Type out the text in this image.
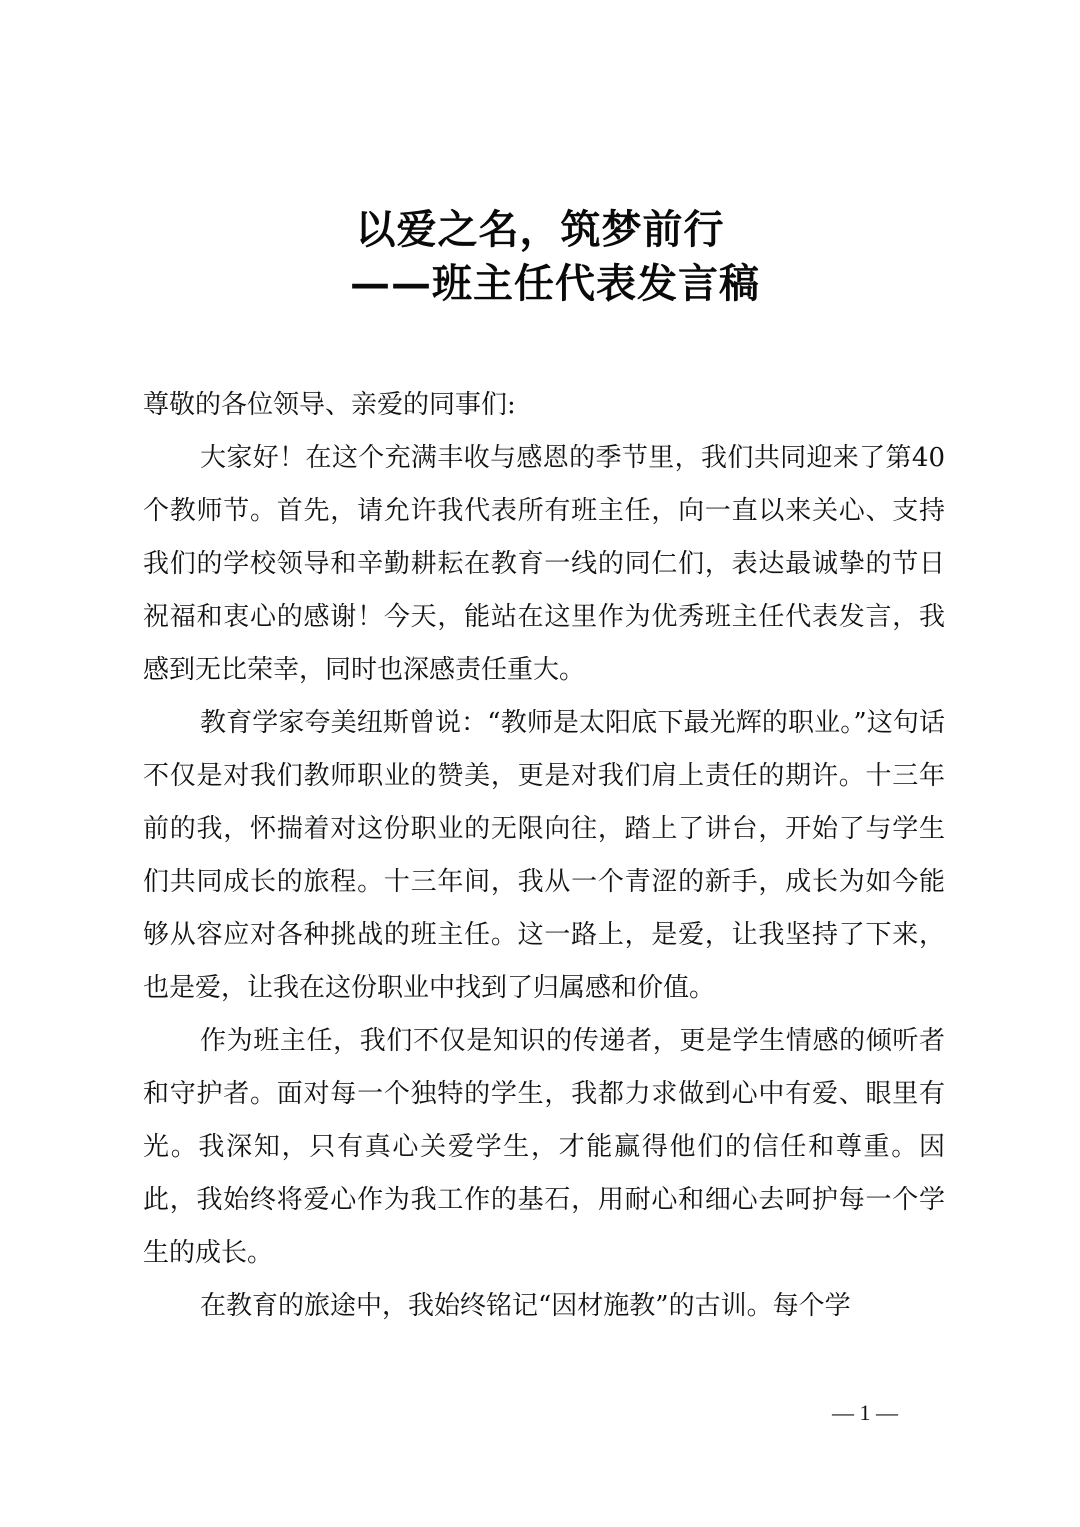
以爱之名，筑梦前行
——班主任代表发言稿

尊敬的各位领导、亲爱的同事们:

大家好！在这个充满丰收与感恩的季节里，我们共同迎来了第40个教师节。首先，请允许我代表所有班主任，向一直以来关心、支持我们的学校领导和辛勤耕耘在教育一线的同仁们，表达最诚挚的节日祝福和衷心的感谢！今天，能站在这里作为优秀班主任代表发言，我感到无比荣幸，同时也深感责任重大。

教育学家夸美纽斯曾说：“教师是太阳底下最光辉的职业。”这句话不仅是对我们教师职业的赞美，更是对我们肩上责任的期许。十三年前的我，怀揣着对这份职业的无限向往，踏上了讲台，开始了与学生们共同成长的旅程。十三年间，我从一个青涩的新手，成长为如今能够从容应对各种挑战的班主任。这一路上，是爱，让我坚持了下来，也是爱，让我在这份职业中找到了归属感和价值。

作为班主任，我们不仅是知识的传递者，更是学生情感的倾听者和守护者。面对每一个独特的学生，我都力求做到心中有爱、眼里有光。我深知，只有真心关爱学生，才能赢得他们的信任和尊重。因此，我始终将爱心作为我工作的基石，用耐心和细心去呵护每一个学生的成长。

在教育的旅途中，我始终铭记“因材施教”的古训。每个学

— 1 —
